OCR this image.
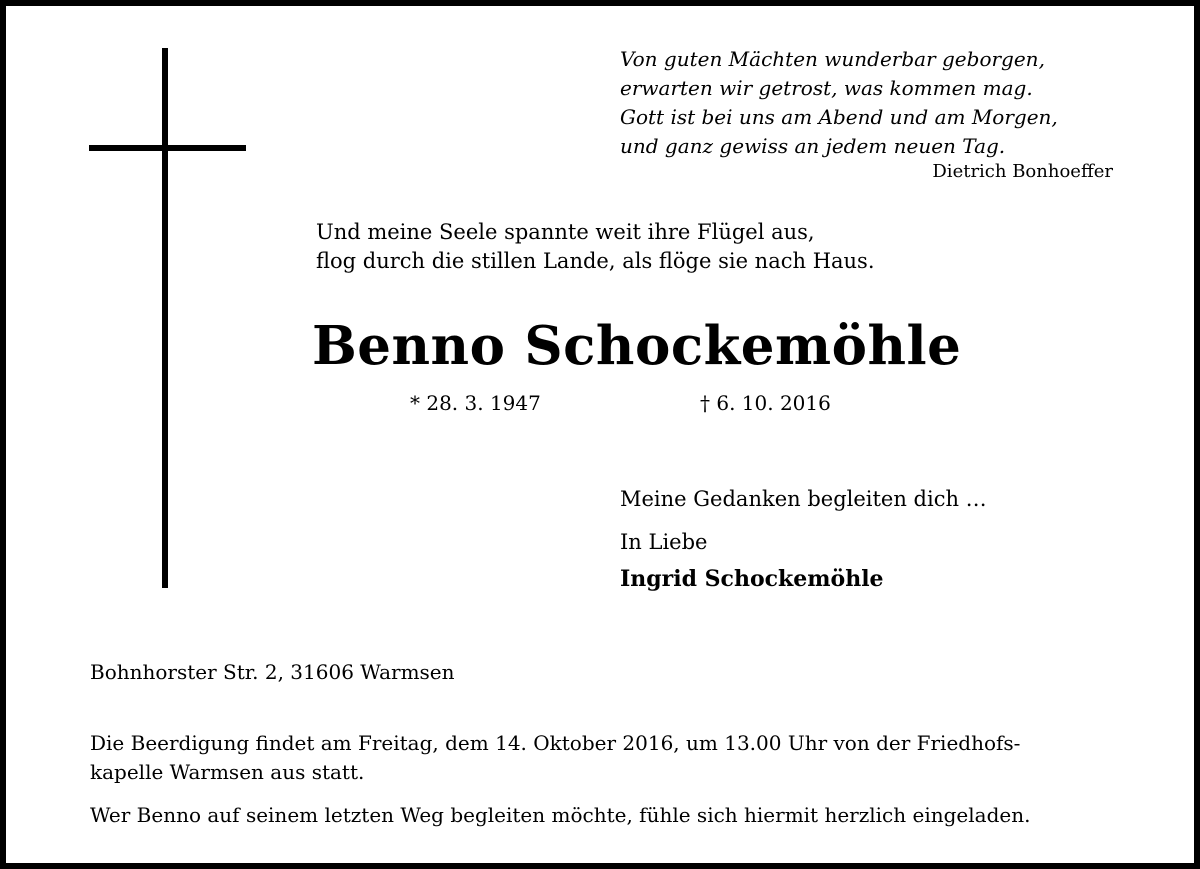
Von guten Mächten wunderbar geborgen,
erwarten wir getrost, was kommen mag.
Gott ist bei uns am Abend und am Morgen,
und ganz gewiss an jedem neuen Tag.
Dietrich Bonhoeffer
Und meine Seele spannte weit ihre Flügel aus,
flog durch die stillen Lande, als flöge sie nach Haus.
Benno Schockemöhle
* 28. 3. 1947	† 6. 10. 2016
Meine Gedanken begleiten dich …
In Liebe
Ingrid Schockemöhle
Bohnhorster Str. 2, 31606 Warmsen
Die Beerdigung findet am Freitag, dem 14. Oktober 2016, um 13.00 Uhr von der Friedhofs-
kapelle Warmsen aus statt.
Wer Benno auf seinem letzten Weg begleiten möchte, fühle sich hiermit herzlich eingeladen.
